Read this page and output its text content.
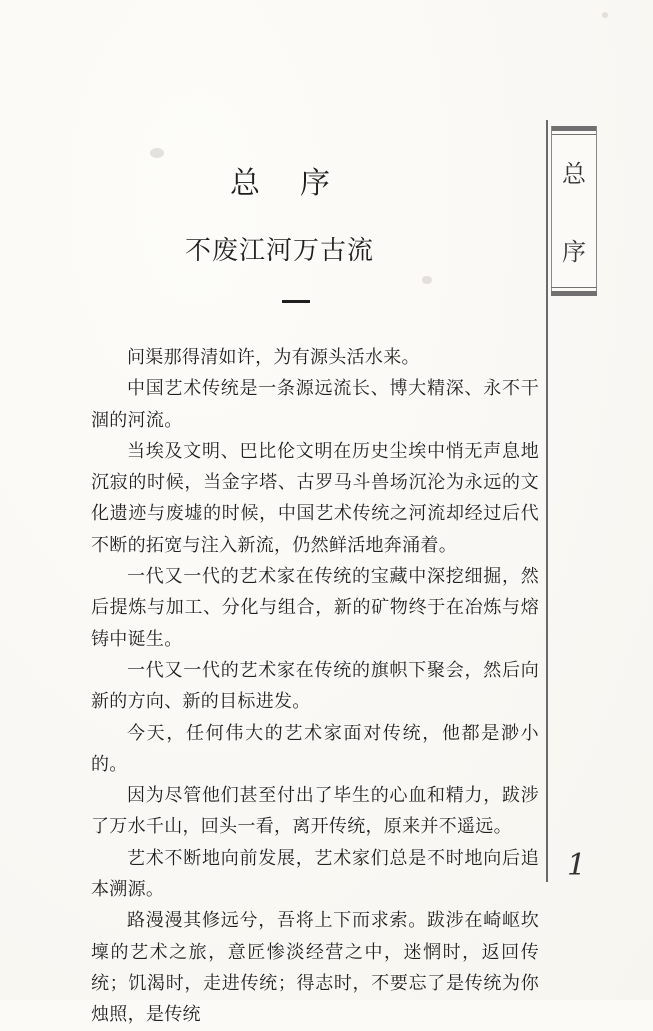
总序
不废江河万古流

问渠那得清如许，为有源头活水来。

中国艺术传统是一条源远流长、博大精深、永不干涸的河流。

当埃及文明、巴比伦文明在历史尘埃中悄无声息地沉寂的时候，当金字塔、古罗马斗兽场沉沦为永远的文化遗迹与废墟的时候，中国艺术传统之河流却经过后代不断的拓宽与注入新流，仍然鲜活地奔涌着。

一代又一代的艺术家在传统的宝藏中深挖细掘，然后提炼与加工、分化与组合，新的矿物终于在冶炼与熔铸中诞生。

一代又一代的艺术家在传统的旗帜下聚会，然后向新的方向、新的目标进发。

今天，任何伟大的艺术家面对传统，他都是渺小的。

因为尽管他们甚至付出了毕生的心血和精力，跋涉了万水千山，回头一看，离开传统，原来并不遥远。

艺术不断地向前发展，艺术家们总是不时地向后追本溯源。

路漫漫其修远兮，吾将上下而求索。跋涉在崎岖坎壈的艺术之旅，意匠惨淡经营之中，迷惘时，返回传统；饥渴时，走进传统；得志时，不要忘了是传统为你烛照，是传统

总
序
1
